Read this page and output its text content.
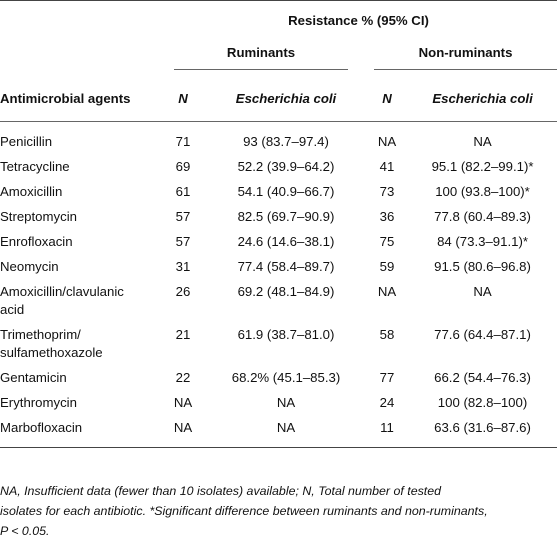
	Resistance % (95% CI)			

	Ruminants		Non-ruminants	

Antimicrobial agents	N	Escherichia coli	N	Escherichia coli

Penicillin	71	93 (83.7–97.4)	NA	NA
Tetracycline	69	52.2 (39.9–64.2)	41	95.1 (82.2–99.1)*
Amoxicillin	61	54.1 (40.9–66.7)	73	100 (93.8–100)*
Streptomycin	57	82.5 (69.7–90.9)	36	77.8 (60.4–89.3)
Enrofloxacin	57	24.6 (14.6–38.1)	75	84 (73.3–91.1)*
Neomycin	31	77.4 (58.4–89.7)	59	91.5 (80.6–96.8)
Amoxicillin/clavulanic
acid	26	69.2 (48.1–84.9)	NA	NA
Trimethoprim/
sulfamethoxazole	21	61.9 (38.7–81.0)	58	77.6 (64.4–87.1)
Gentamicin	22	68.2% (45.1–85.3)	77	66.2 (54.4–76.3)
Erythromycin	NA	NA	24	100 (82.8–100)
Marbofloxacin	NA	NA	11	63.6 (31.6–87.6)
NA, Insufficient data (fewer than 10 isolates) available; N, Total number of tested
isolates for each antibiotic. *Significant difference between ruminants and non-ruminants,
P < 0.05.
